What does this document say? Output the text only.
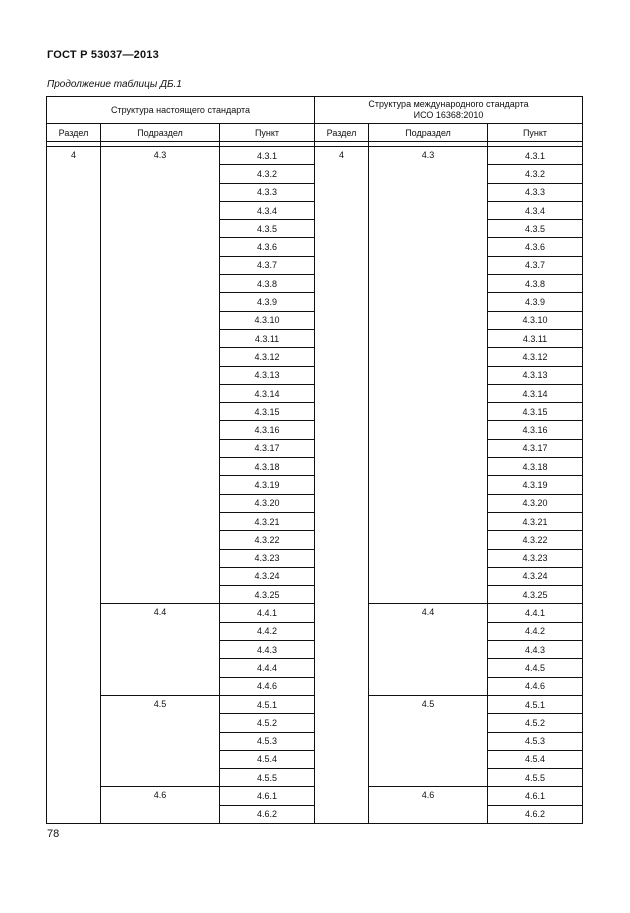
ГОСТ Р 53037—2013
Продолжение таблицы ДБ.1
Структура настоящего стандарта			Структура международного стандарта
ИСО 16368:2010		
Раздел	Подраздел	Пункт	Раздел	Подраздел	Пункт

4	4.3	4.3.1	4	4.3	4.3.1
		4.3.2			4.3.2
		4.3.3			4.3.3
		4.3.4			4.3.4
		4.3.5			4.3.5
		4.3.6			4.3.6
		4.3.7			4.3.7
		4.3.8			4.3.8
		4.3.9			4.3.9
		4.3.10			4.3.10
		4.3.11			4.3.11
		4.3.12			4.3.12
		4.3.13			4.3.13
		4.3.14			4.3.14
		4.3.15			4.3.15
		4.3.16			4.3.16
		4.3.17			4.3.17
		4.3.18			4.3.18
		4.3.19			4.3.19
		4.3.20			4.3.20
		4.3.21			4.3.21
		4.3.22			4.3.22
		4.3.23			4.3.23
		4.3.24			4.3.24
		4.3.25			4.3.25
	4.4	4.4.1		4.4	4.4.1
		4.4.2			4.4.2
		4.4.3			4.4.3
		4.4.4			4.4.5
		4.4.6			4.4.6
	4.5	4.5.1		4.5	4.5.1
		4.5.2			4.5.2
		4.5.3			4.5.3
		4.5.4			4.5.4
		4.5.5			4.5.5
	4.6	4.6.1		4.6	4.6.1
		4.6.2			4.6.2
78
